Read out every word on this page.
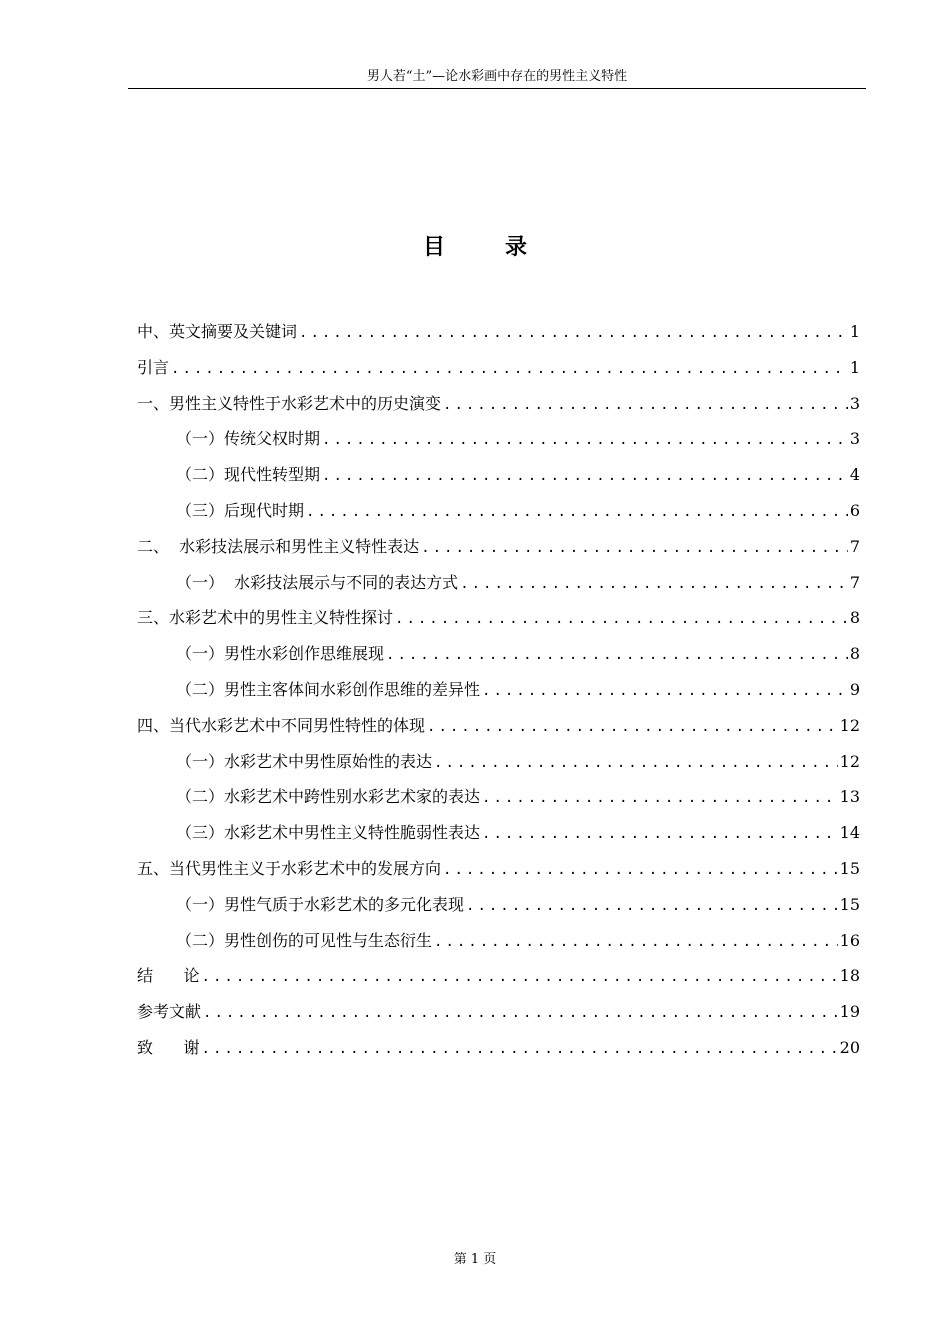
男人若“土”—论水彩画中存在的男性主义特性
目	录
中、英文摘要及关键词 .....	1
引言 .....	1
一、男性主义特性于水彩艺术中的历史演变 .....	3
（一）传统父权时期 .....	3
（二）现代性转型期 .....	4
（三）后现代时期 .....	6
二、  水彩技法展示和男性主义特性表达 .....	7
（一）  水彩技法展示与不同的表达方式 .....	7
三、水彩艺术中的男性主义特性探讨 .....	8
（一）男性水彩创作思维展现 .....	8
（二）男性主客体间水彩创作思维的差异性 .....	9
四、当代水彩艺术中不同男性特性的体现 .....	12
（一）水彩艺术中男性原始性的表达 .....	12
（二）水彩艺术中跨性别水彩艺术家的表达 .....	13
（三）水彩艺术中男性主义特性脆弱性表达 .....	14
五、当代男性主义于水彩艺术中的发展方向 .....	15
（一）男性气质于水彩艺术的多元化表现 .....	15
（二）男性创伤的可见性与生态衍生 .....	16
结      论 .....	18
参考文献 .....	19
致      谢 .....	20
第 1 页
